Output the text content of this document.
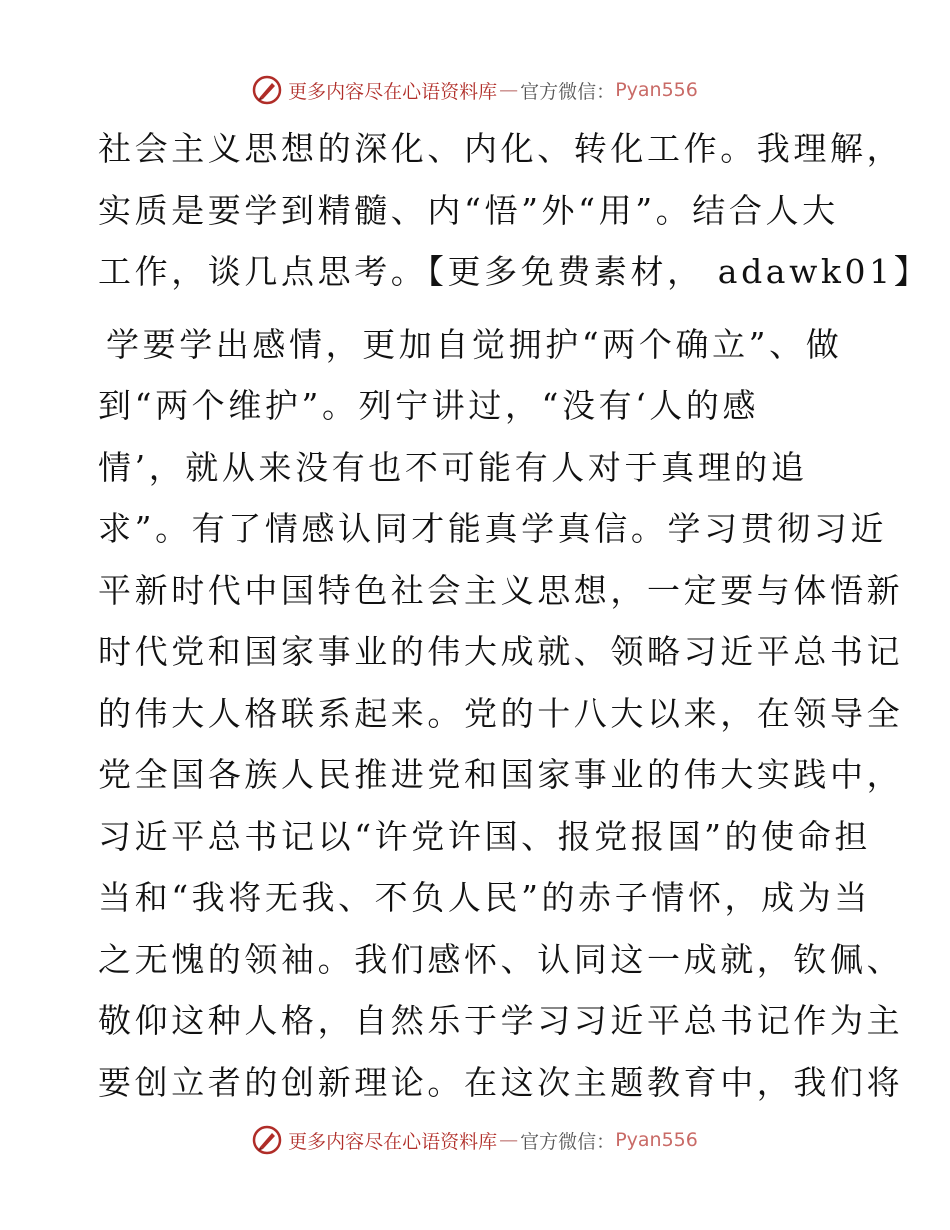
更多内容尽在心语资料库 — 官方微信： Pyan556
社会主义思想的深化、内化、转化工作。我理解，
实质是要学到精髓、内“悟”外“用”。结合人大
工作，谈几点思考。【更多免费素材， adawk01】
学要学出感情，更加自觉拥护“两个确立”、做
到“两个维护”。列宁讲过，“没有‘人的感
情’，就从来没有也不可能有人对于真理的追
求”。有了情感认同才能真学真信。学习贯彻习近
平新时代中国特色社会主义思想，一定要与体悟新
时代党和国家事业的伟大成就、领略习近平总书记
的伟大人格联系起来。党的十八大以来，在领导全
党全国各族人民推进党和国家事业的伟大实践中，
习近平总书记以“许党许国、报党报国”的使命担
当和“我将无我、不负人民”的赤子情怀，成为当
之无愧的领袖。我们感怀、认同这一成就，钦佩、
敬仰这种人格，自然乐于学习习近平总书记作为主
要创立者的创新理论。在这次主题教育中，我们将
更多内容尽在心语资料库 — 官方微信： Pyan556
